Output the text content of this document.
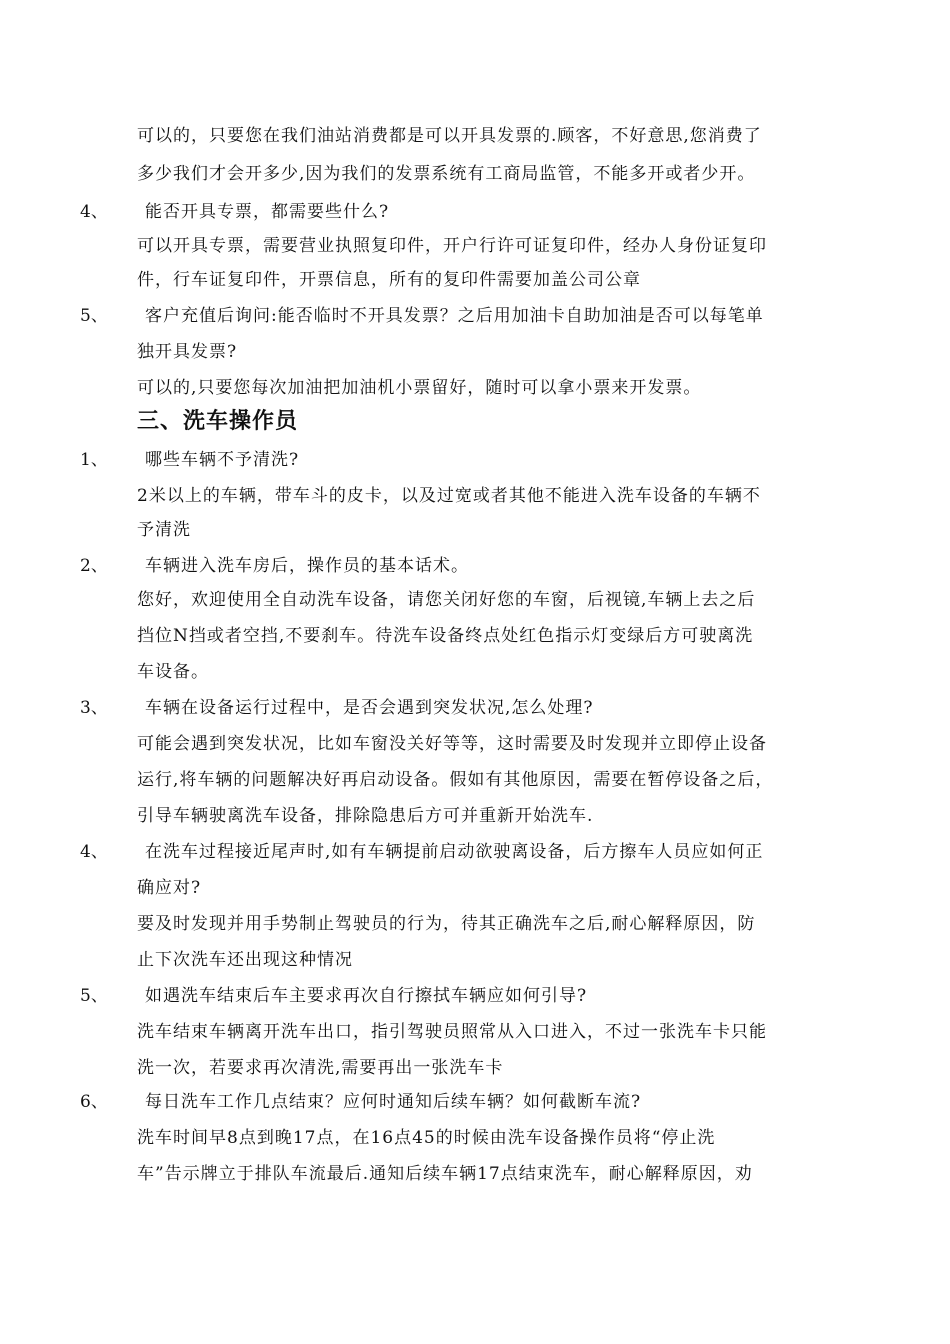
可以的，只要您在我们油站消费都是可以开具发票的.顾客，不好意思,您消费了
多少我们才会开多少,因为我们的发票系统有工商局监管，不能多开或者少开。
4、 能否开具专票，都需要些什么?
可以开具专票，需要营业执照复印件，开户行许可证复印件，经办人身份证复印
件，行车证复印件，开票信息，所有的复印件需要加盖公司公章
5、 客户充值后询问:能否临时不开具发票？之后用加油卡自助加油是否可以每笔单
独开具发票?
可以的,只要您每次加油把加油机小票留好，随时可以拿小票来开发票。
三、洗车操作员
1、 哪些车辆不予清洗?
2米以上的车辆，带车斗的皮卡，以及过宽或者其他不能进入洗车设备的车辆不
予清洗
2、 车辆进入洗车房后，操作员的基本话术。
您好，欢迎使用全自动洗车设备，请您关闭好您的车窗，后视镜,车辆上去之后
挡位N挡或者空挡,不要刹车。待洗车设备终点处红色指示灯变绿后方可驶离洗
车设备。
3、 车辆在设备运行过程中，是否会遇到突发状况,怎么处理?
可能会遇到突发状况，比如车窗没关好等等，这时需要及时发现并立即停止设备
运行,将车辆的问题解决好再启动设备。假如有其他原因，需要在暂停设备之后，
引导车辆驶离洗车设备，排除隐患后方可并重新开始洗车.
4、 在洗车过程接近尾声时,如有车辆提前启动欲驶离设备，后方擦车人员应如何正
确应对?
要及时发现并用手势制止驾驶员的行为，待其正确洗车之后,耐心解释原因，防
止下次洗车还出现这种情况
5、 如遇洗车结束后车主要求再次自行擦拭车辆应如何引导?
洗车结束车辆离开洗车出口，指引驾驶员照常从入口进入，不过一张洗车卡只能
洗一次，若要求再次清洗,需要再出一张洗车卡
6、 每日洗车工作几点结束？应何时通知后续车辆？如何截断车流?
洗车时间早8点到晚17点，在16点45的时候由洗车设备操作员将“停止洗
车”告示牌立于排队车流最后.通知后续车辆17点结束洗车，耐心解释原因，劝
